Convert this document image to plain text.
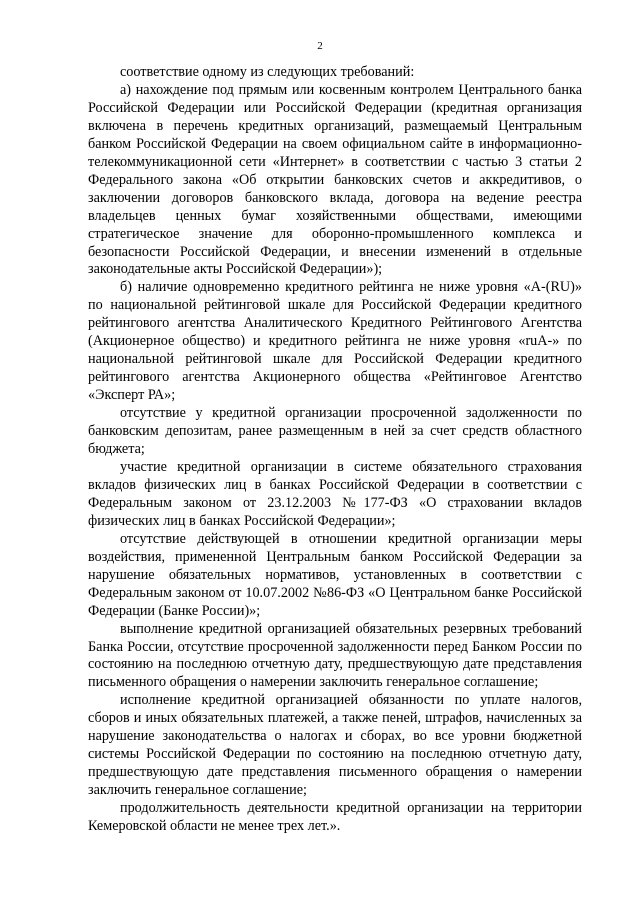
2

соответствие одному из следующих требований:

а) нахождение под прямым или косвенным контролем Центрального банка Российской Федерации или Российской Федерации (кредитная организация включена в перечень кредитных организаций, размещаемый Центральным банком Российской Федерации на своем официальном сайте в информационно-телекоммуникационной сети «Интернет» в соответствии с частью 3 статьи 2 Федерального закона «Об открытии банковских счетов и аккредитивов, о заключении договоров банковского вклада, договора на ведение реестра владельцев ценных бумаг хозяйственными обществами, имеющими стратегическое значение для оборонно-промышленного комплекса и безопасности Российской Федерации, и внесении изменений в отдельные законодательные акты Российской Федерации»);

б) наличие одновременно кредитного рейтинга не ниже уровня «А-(RU)» по национальной рейтинговой шкале для Российской Федерации кредитного рейтингового агентства Аналитического Кредитного Рейтингового Агентства (Акционерное общество) и кредитного рейтинга не ниже уровня «ruA-» по национальной рейтинговой шкале для Российской Федерации кредитного рейтингового агентства Акционерного общества «Рейтинговое Агентство «Эксперт РА»;

отсутствие у кредитной организации просроченной задолженности по банковским депозитам, ранее размещенным в ней за счет средств областного бюджета;

участие кредитной организации в системе обязательного страхования вкладов физических лиц в банках Российской Федерации в соответствии с Федеральным законом от 23.12.2003 №177-ФЗ «О страховании вкладов физических лиц в банках Российской Федерации»;

отсутствие действующей в отношении кредитной организации меры воздействия, примененной Центральным банком Российской Федерации за нарушение обязательных нормативов, установленных в соответствии с Федеральным законом от 10.07.2002 №86-ФЗ «О Центральном банке Российской Федерации (Банке России)»;

выполнение кредитной организацией обязательных резервных требований Банка России, отсутствие просроченной задолженности перед Банком России по состоянию на последнюю отчетную дату, предшествующую дате представления письменного обращения о намерении заключить генеральное соглашение;

исполнение кредитной организацией обязанности по уплате налогов, сборов и иных обязательных платежей, а также пеней, штрафов, начисленных за нарушение законодательства о налогах и сборах, во все уровни бюджетной системы Российской Федерации по состоянию на последнюю отчетную дату, предшествующую дате представления письменного обращения о намерении заключить генеральное соглашение;

продолжительность деятельности кредитной организации на территории Кемеровской области не менее трех лет.».
